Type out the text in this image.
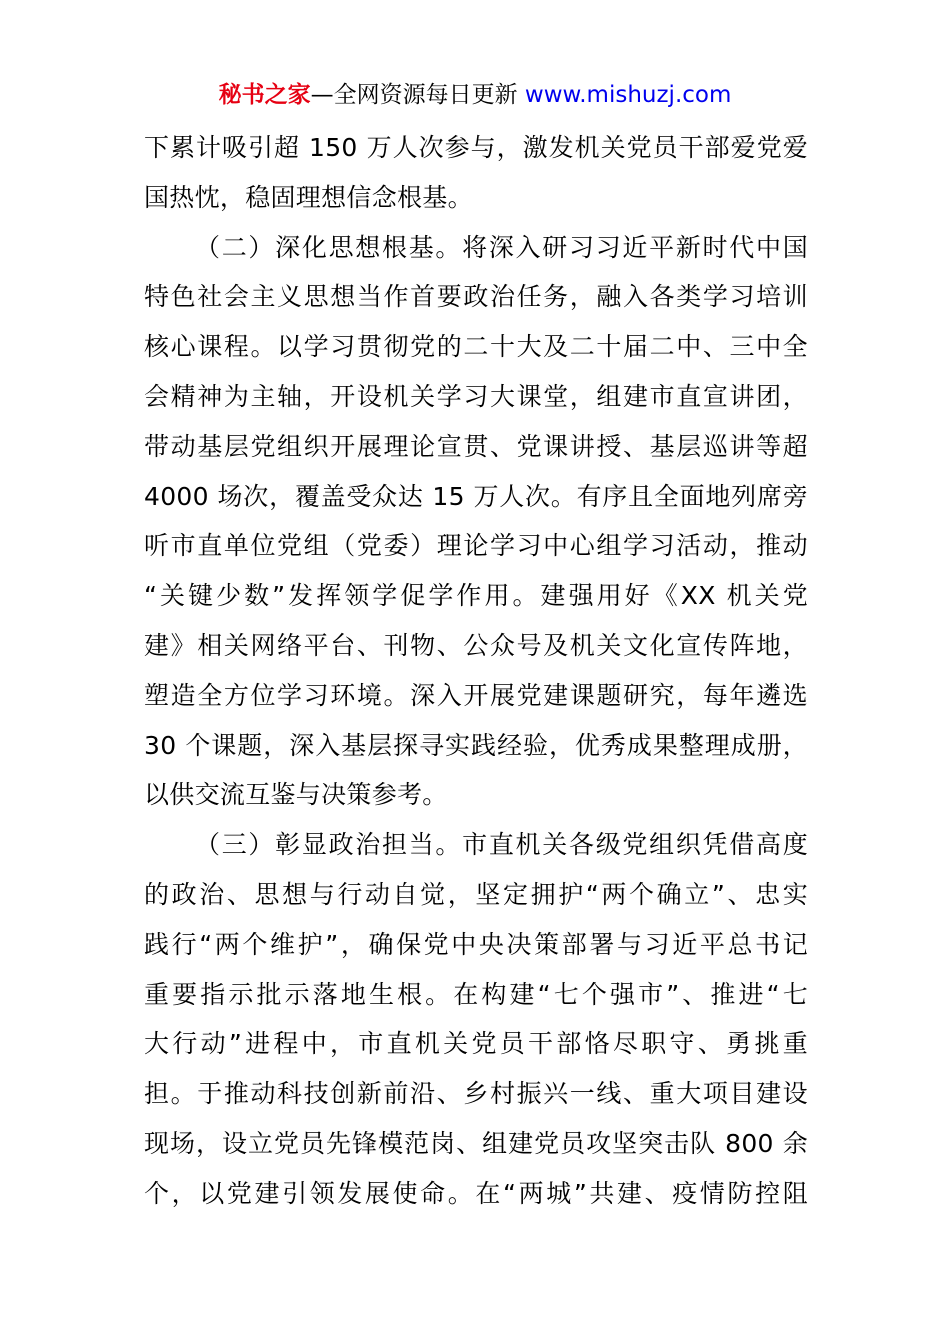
秘书之家—全网资源每日更新 www.mishuzj.com
下累计吸引超 150 万人次参与，激发机关党员干部爱党爱
国热忱，稳固理想信念根基。
（二）深化思想根基。将深入研习习近平新时代中国
特色社会主义思想当作首要政治任务，融入各类学习培训
核心课程。以学习贯彻党的二十大及二十届二中、三中全
会精神为主轴，开设机关学习大课堂，组建市直宣讲团，
带动基层党组织开展理论宣贯、党课讲授、基层巡讲等超
4000 场次，覆盖受众达 15 万人次。有序且全面地列席旁
听市直单位党组（党委）理论学习中心组学习活动，推动
“关键少数”发挥领学促学作用。建强用好《XX 机关党
建》相关网络平台、刊物、公众号及机关文化宣传阵地，
塑造全方位学习环境。深入开展党建课题研究，每年遴选
30 个课题，深入基层探寻实践经验，优秀成果整理成册，
以供交流互鉴与决策参考。
（三）彰显政治担当。市直机关各级党组织凭借高度
的政治、思想与行动自觉，坚定拥护“两个确立”、忠实
践行“两个维护”，确保党中央决策部署与习近平总书记
重要指示批示落地生根。在构建“七个强市”、推进“七
大行动”进程中，市直机关党员干部恪尽职守、勇挑重
担。于推动科技创新前沿、乡村振兴一线、重大项目建设
现场，设立党员先锋模范岗、组建党员攻坚突击队 800 余
个，以党建引领发展使命。在“两城”共建、疫情防控阻
